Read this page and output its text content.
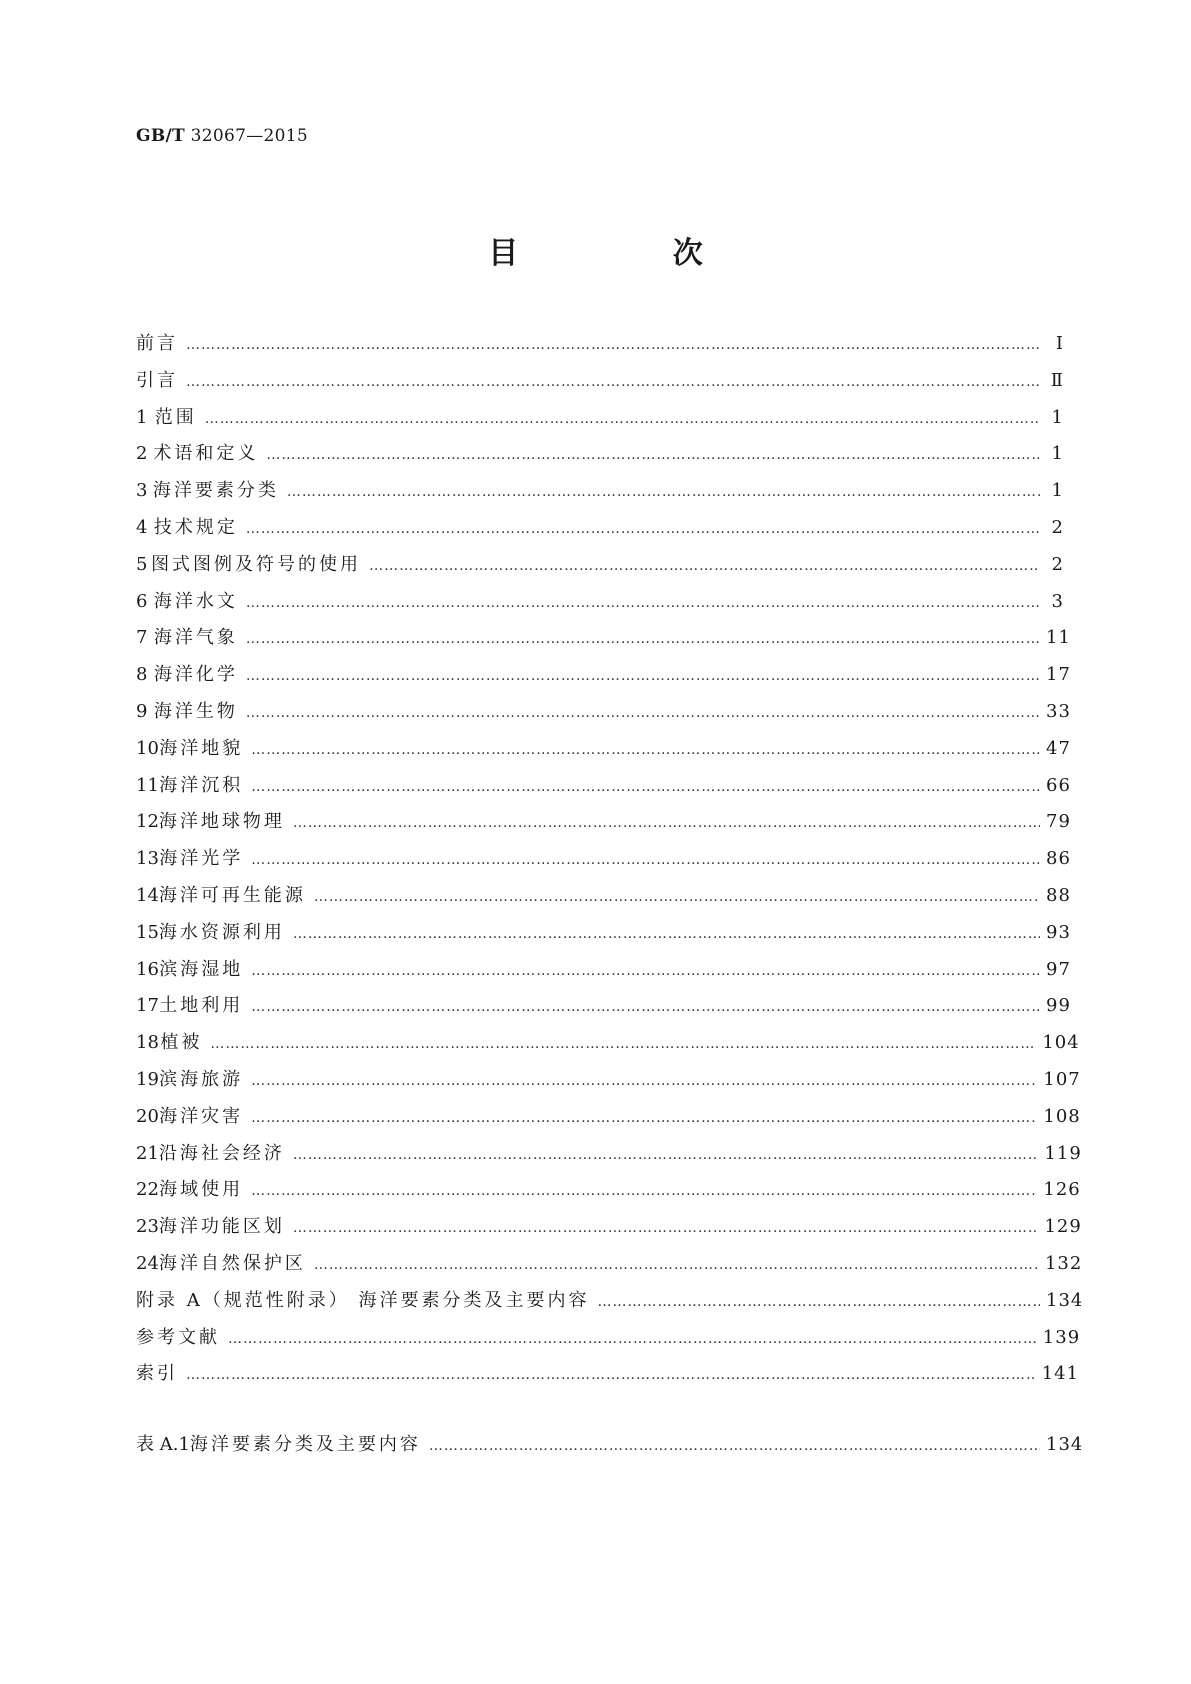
GB/T 32067—2015
目 次
前言 ……………………………………………………………………………………………………………………………………………………………………………………………………………………………………………………………	Ⅰ
引言 ……………………………………………………………………………………………………………………………………………………………………………………………………………………………………………………………	Ⅱ
1 范围 ……………………………………………………………………………………………………………………………………………………………………………………………………………………………………………………………	1
2 术语和定义 ……………………………………………………………………………………………………………………………………………………………………………………………………………………………………………………………	1
3 海洋要素分类 ……………………………………………………………………………………………………………………………………………………………………………………………………………………………………………………………	1
4 技术规定 ……………………………………………………………………………………………………………………………………………………………………………………………………………………………………………………………	2
5 图式图例及符号的使用 ……………………………………………………………………………………………………………………………………………………………………………………………………………………………………………………………	2
6 海洋水文 ……………………………………………………………………………………………………………………………………………………………………………………………………………………………………………………………	3
7 海洋气象 ……………………………………………………………………………………………………………………………………………………………………………………………………………………………………………………………	11
8 海洋化学 ……………………………………………………………………………………………………………………………………………………………………………………………………………………………………………………………	17
9 海洋生物 ……………………………………………………………………………………………………………………………………………………………………………………………………………………………………………………………	33
10 海洋地貌 ……………………………………………………………………………………………………………………………………………………………………………………………………………………………………………………………	47
11 海洋沉积 ……………………………………………………………………………………………………………………………………………………………………………………………………………………………………………………………	66
12 海洋地球物理 ……………………………………………………………………………………………………………………………………………………………………………………………………………………………………………………………	79
13 海洋光学 ……………………………………………………………………………………………………………………………………………………………………………………………………………………………………………………………	86
14 海洋可再生能源 ……………………………………………………………………………………………………………………………………………………………………………………………………………………………………………………………	88
15 海水资源利用 ……………………………………………………………………………………………………………………………………………………………………………………………………………………………………………………………	93
16 滨海湿地 ……………………………………………………………………………………………………………………………………………………………………………………………………………………………………………………………	97
17 土地利用 ……………………………………………………………………………………………………………………………………………………………………………………………………………………………………………………………	99
18 植被 ……………………………………………………………………………………………………………………………………………………………………………………………………………………………………………………………	104
19 滨海旅游 ……………………………………………………………………………………………………………………………………………………………………………………………………………………………………………………………	107
20 海洋灾害 ……………………………………………………………………………………………………………………………………………………………………………………………………………………………………………………………	108
21 沿海社会经济 ……………………………………………………………………………………………………………………………………………………………………………………………………………………………………………………………	119
22 海域使用 ……………………………………………………………………………………………………………………………………………………………………………………………………………………………………………………………	126
23 海洋功能区划 ……………………………………………………………………………………………………………………………………………………………………………………………………………………………………………………………	129
24 海洋自然保护区 ……………………………………………………………………………………………………………………………………………………………………………………………………………………………………………………………	132
附录 A（规范性附录） 海洋要素分类及主要内容 ……………………………………………………………………………………………………………………………………………………………………………………………………………………………………………………………	134
参考文献 ……………………………………………………………………………………………………………………………………………………………………………………………………………………………………………………………	139
索引 ……………………………………………………………………………………………………………………………………………………………………………………………………………………………………………………………	141
表 A.1 海洋要素分类及主要内容 ……………………………………………………………………………………………………………………………………………………………………………………………………………………………………………………………	134
